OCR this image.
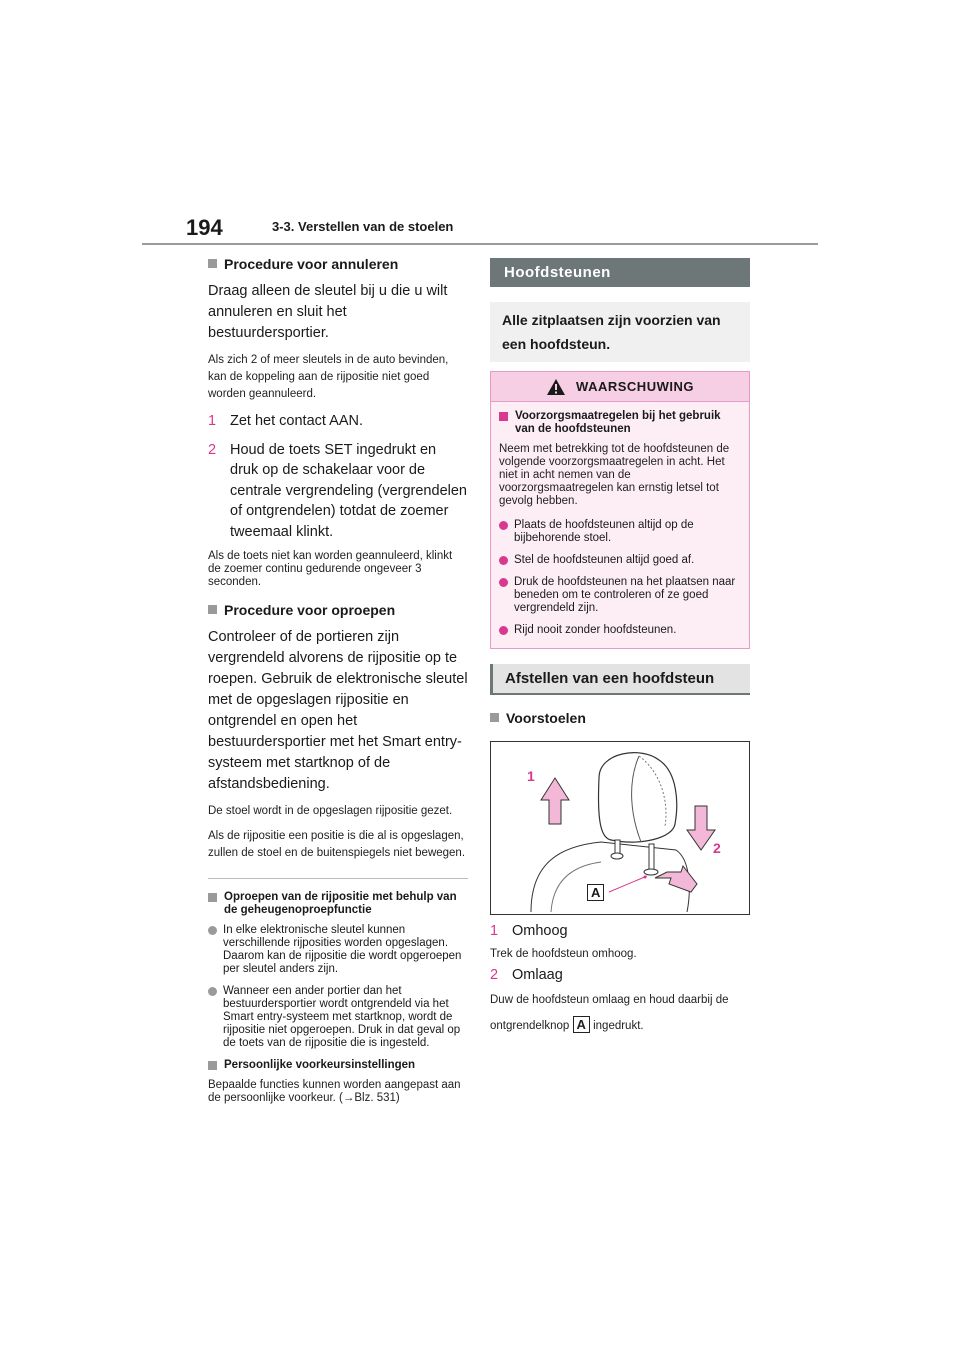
194	3-3. Verstellen van de stoelen
Procedure voor annuleren

Draag alleen de sleutel bij u die u wilt annuleren en sluit het bestuurdersportier.

Als zich 2 of meer sleutels in de auto bevinden, kan de koppeling aan de rijpositie niet goed worden geannuleerd.

1 Zet het contact AAN.
2 Houd de toets SET ingedrukt en druk op de schakelaar voor de centrale vergrendeling (vergrendelen of ontgrendelen) totdat de zoemer tweemaal klinkt.

Als de toets niet kan worden geannuleerd, klinkt de zoemer continu gedurende ongeveer 3 seconden.

Procedure voor oproepen

Controleer of de portieren zijn vergrendeld alvorens de rijpositie op te roepen. Gebruik de elektronische sleutel met de opgeslagen rijpositie en ontgrendel en open het bestuurdersportier met het Smart entry-systeem met startknop of de afstandsbediening.

De stoel wordt in de opgeslagen rijpositie gezet.

Als de rijpositie een positie is die al is opgeslagen, zullen de stoel en de buitenspiegels niet bewegen.

Oproepen van de rijpositie met behulp van de geheugenoproepfunctie
In elke elektronische sleutel kunnen verschillende rijposities worden opgeslagen. Daarom kan de rijpositie die wordt opgeroepen per sleutel anders zijn.
Wanneer een ander portier dan het bestuurdersportier wordt ontgrendeld via het Smart entry-systeem met startknop, wordt de rijpositie niet opgeroepen. Druk in dat geval op de toets van de rijpositie die is ingesteld.
Persoonlijke voorkeursinstellingen

Bepaalde functies kunnen worden aangepast aan de persoonlijke voorkeur. (→Blz. 531)

Hoofdsteunen
Alle zitplaatsen zijn voorzien van een hoofdsteun.
WAARSCHUWING
Voorzorgsmaatregelen bij het gebruik van de hoofdsteunen

Neem met betrekking tot de hoofdsteunen de volgende voorzorgsmaatregelen in acht. Het niet in acht nemen van de voorzorgsmaatregelen kan ernstig letsel tot gevolg hebben.

Plaats de hoofdsteunen altijd op de bijbehorende stoel.
Stel de hoofdsteunen altijd goed af.
Druk de hoofdsteunen na het plaatsen naar beneden om te controleren of ze goed vergrendeld zijn.
Rijd nooit zonder hoofdsteunen.
Afstellen van een hoofdsteun
Voorstoelen
1
2
A
1 Omhoog

Trek de hoofdsteun omhoog.

2 Omlaag

Duw de hoofdsteun omlaag en houd daarbij de ontgrendelknop A ingedrukt.
